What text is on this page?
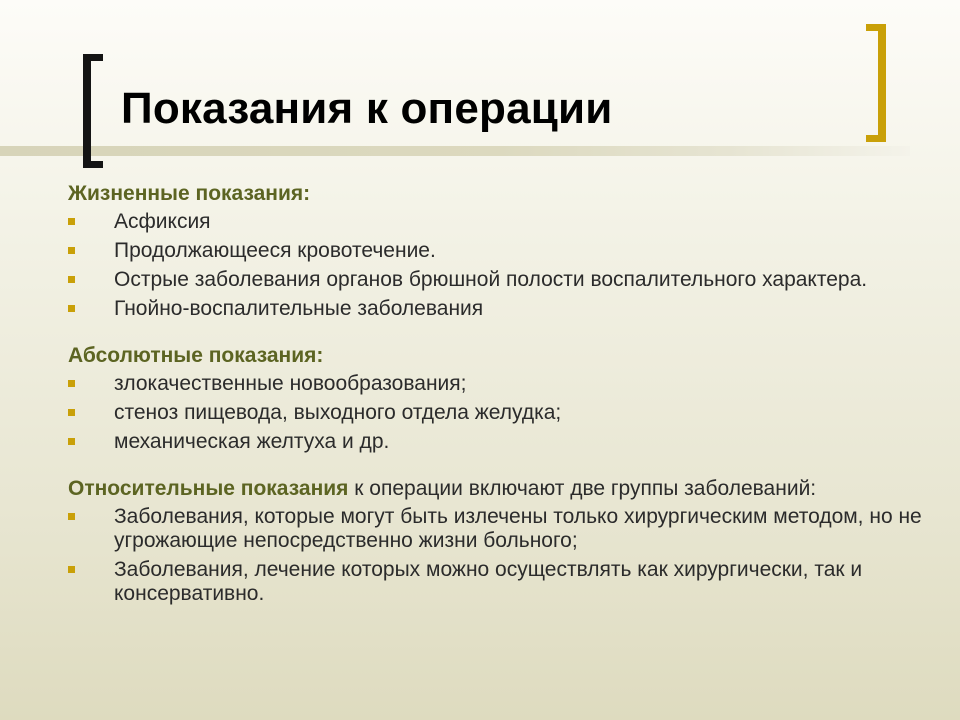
Показания к операции
Жизненные показания:
Асфиксия
Продолжающееся кровотечение.
Острые заболевания органов брюшной полости воспалительного характера.
Гнойно-воспалительные заболевания
Абсолютные показания:
злокачественные новообразования;
стеноз пищевода, выходного отдела желудка;
механическая желтуха и др.
Относительные показания к операции включают две группы заболеваний:
Заболевания, которые могут быть излечены только хирургическим методом, но не угрожающие непосредственно жизни больного;
Заболевания, лечение которых можно осуществлять как хирургически, так и консервативно.
